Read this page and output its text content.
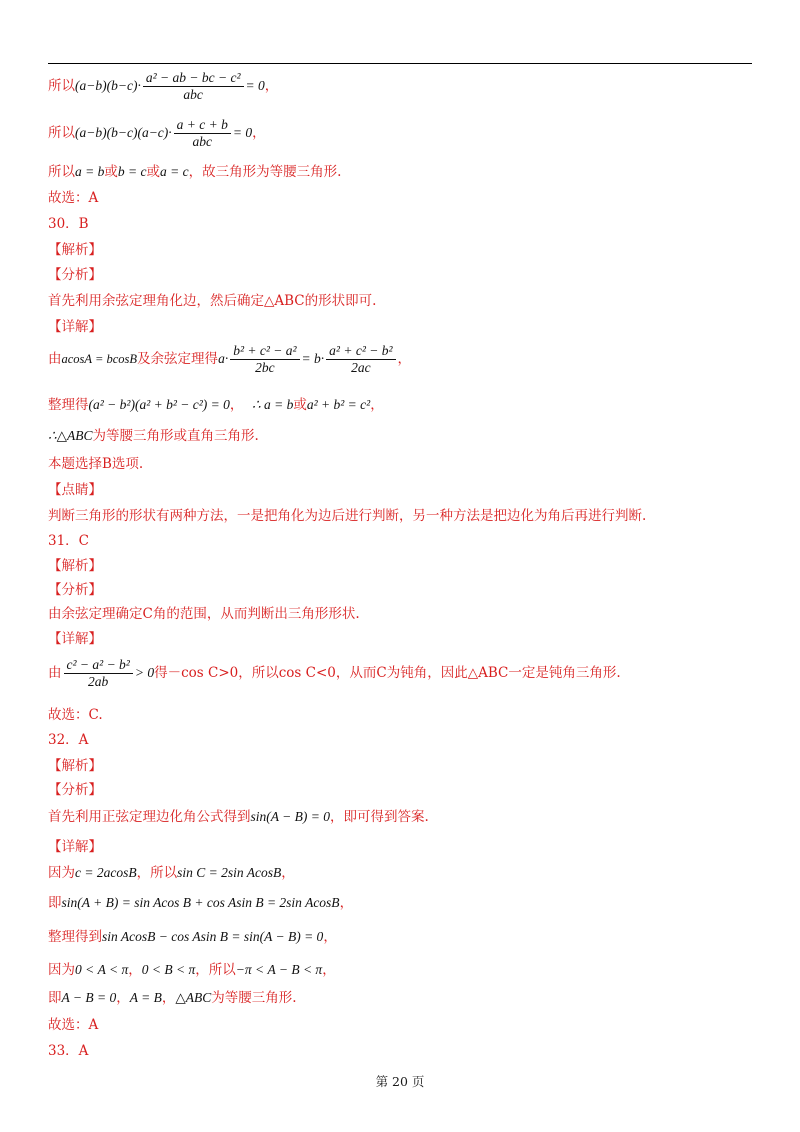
所以$(a-b)(b-c)\cdot \frac{\text{a² − ab − bc − c²}}{\text{abc}} = 0$，
所以$(a-b)(b-c)(a-c)\cdot \frac{a + c + b}{\text{abc}} = 0$，
所以a = b或b = c或a = c，故三角形为等腰三角形.
故选：A
30．B
【解析】
【分析】
首先利用余弦定理角化边，然后确定△ABC的形状即可.
【详解】
由acosA = bcosB及余弦定理得$a\cdot \frac{\text{b² + c² − a²}}{2bc} = b\cdot \frac{\text{a² + c² − b²}}{2ac}$ ，
整理得(a² − b²)(a² + b² − c²) = 0， ∴ a = b或a² + b² = c²，
∴△ABC为等腰三角形或直角三角形.
本题选择B选项.
【点睛】
判断三角形的形状有两种方法，一是把角化为边后进行判断，另一种方法是把边化为角后再进行判断.
31．C
【解析】
【分析】
由余弦定理确定C角的范围，从而判断出三角形形状.
【详解】
由 $\frac{\text{c² − a² − b²}}{2ab} > 0$得－cos C>0，所以cos C<0，从而C为钝角，因此△ABC一定是钝角三角形.
故选：C.
32．A
【解析】
【分析】
首先利用正弦定理边化角公式得到sin(A − B) = 0，即可得到答案.
【详解】
因为c = 2acosB，所以sin C = 2sin AcosB，
即sin(A + B) = sin Acos B + cos Asin B = 2sin AcosB，
整理得到sin AcosB − cos Asin B = sin(A − B) = 0，
因为0 < A < π，0 < B < π，所以−π < A − B < π，
即A − B = 0，A = B，△ABC为等腰三角形.
故选：A
33．A
第 20 页
